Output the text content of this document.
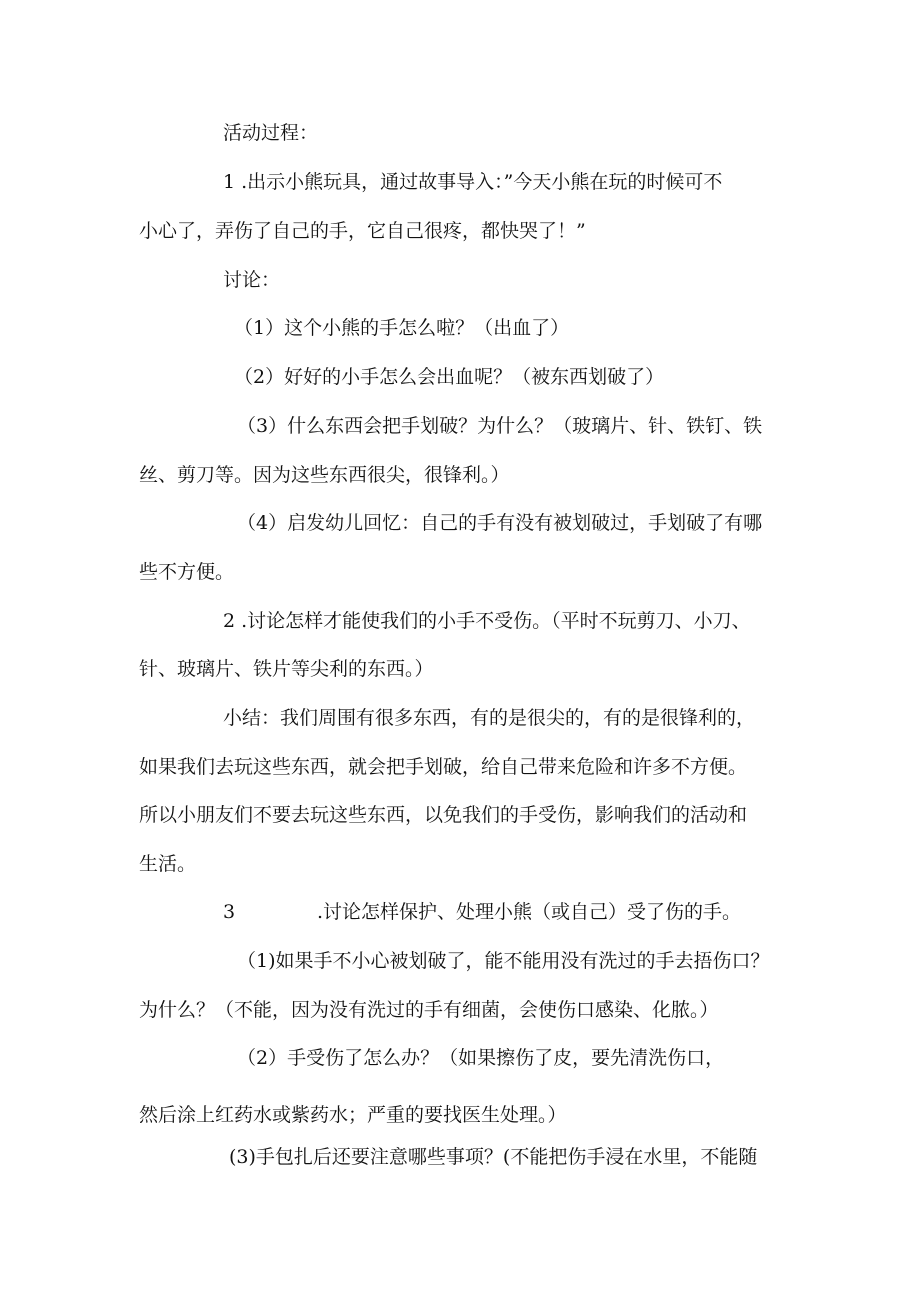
活动过程：
1 .出示小熊玩具，通过故事导入：”今天小熊在玩的时候可不
小心了，弄伤了自己的手，它自己很疼，都快哭了！”
讨论：
（1）这个小熊的手怎么啦？（出血了）
（2）好好的小手怎么会出血呢？（被东西划破了）
（3）什么东西会把手划破？为什么？（玻璃片、针、铁钉、铁
丝、剪刀等。因为这些东西很尖，很锋利。）
（4）启发幼儿回忆：自己的手有没有被划破过，手划破了有哪
些不方便。
2 .讨论怎样才能使我们的小手不受伤。（平时不玩剪刀、小刀、
针、玻璃片、铁片等尖利的东西。）
小结：我们周围有很多东西，有的是很尖的，有的是很锋利的，
如果我们去玩这些东西，就会把手划破，给自己带来危险和许多不方便。
所以小朋友们不要去玩这些东西，以免我们的手受伤，影响我们的活动和
生活。
3	.讨论怎样保护、处理小熊（或自己）受了伤的手。
（1)如果手不小心被划破了，能不能用没有洗过的手去捂伤口？
为什么？（不能，因为没有洗过的手有细菌，会使伤口感染、化脓。）
（2）手受伤了怎么办？（如果擦伤了皮，要先清洗伤口，
然后涂上红药水或紫药水；严重的要找医生处理。）
(3)手包扎后还要注意哪些事项？(不能把伤手浸在水里，不能随
